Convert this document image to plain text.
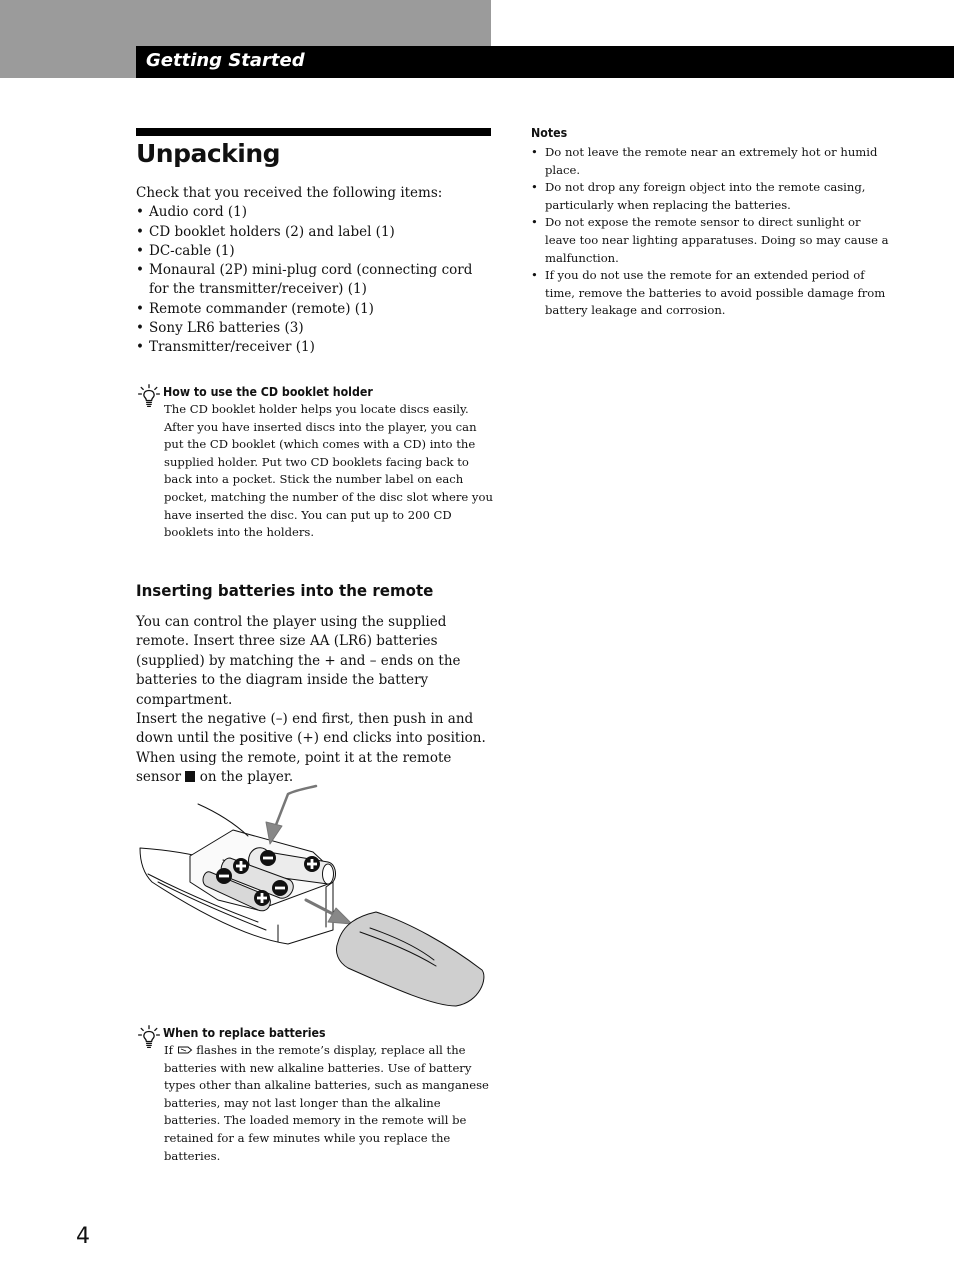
Getting Started
Unpacking

Check that you received the following items:

• Audio cord (1)
• CD booklet holders (2) and label (1)
• DC-cable (1)
• Monaural (2P) mini-plug cord (connecting cord for the transmitter/receiver) (1)
• Remote commander (remote) (1)
• Sony LR6 batteries (3)
• Transmitter/receiver (1)
How to use the CD booklet holder

The CD booklet holder helps you locate discs easily. After you have inserted discs into the player, you can put the CD booklet (which comes with a CD) into the supplied holder. Put two CD booklets facing back to back into a pocket. Stick the number label on each pocket, matching the number of the disc slot where you have inserted the disc. You can put up to 200 CD booklets into the holders.

Inserting batteries into the remote

You can control the player using the supplied remote. Insert three size AA (LR6) batteries (supplied) by matching the + and – ends on the batteries to the diagram inside the battery compartment.

Insert the negative (–) end first, then push in and down until the positive (+) end clicks into position.

When using the remote, point it at the remote sensor  on the player.

When to replace batteries

If  flashes in the remote’s display, replace all the batteries with new alkaline batteries. Use of battery types other than alkaline batteries, such as manganese batteries, may not last longer than the alkaline batteries. The loaded memory in the remote will be retained for a few minutes while you replace the batteries.

Notes
• Do not leave the remote near an extremely hot or humid place.
• Do not drop any foreign object into the remote casing, particularly when replacing the batteries.
• Do not expose the remote sensor to direct sunlight or leave too near lighting apparatuses. Doing so may cause a malfunction.
• If you do not use the remote for an extended period of time, remove the batteries to avoid possible damage from battery leakage and corrosion.
4
